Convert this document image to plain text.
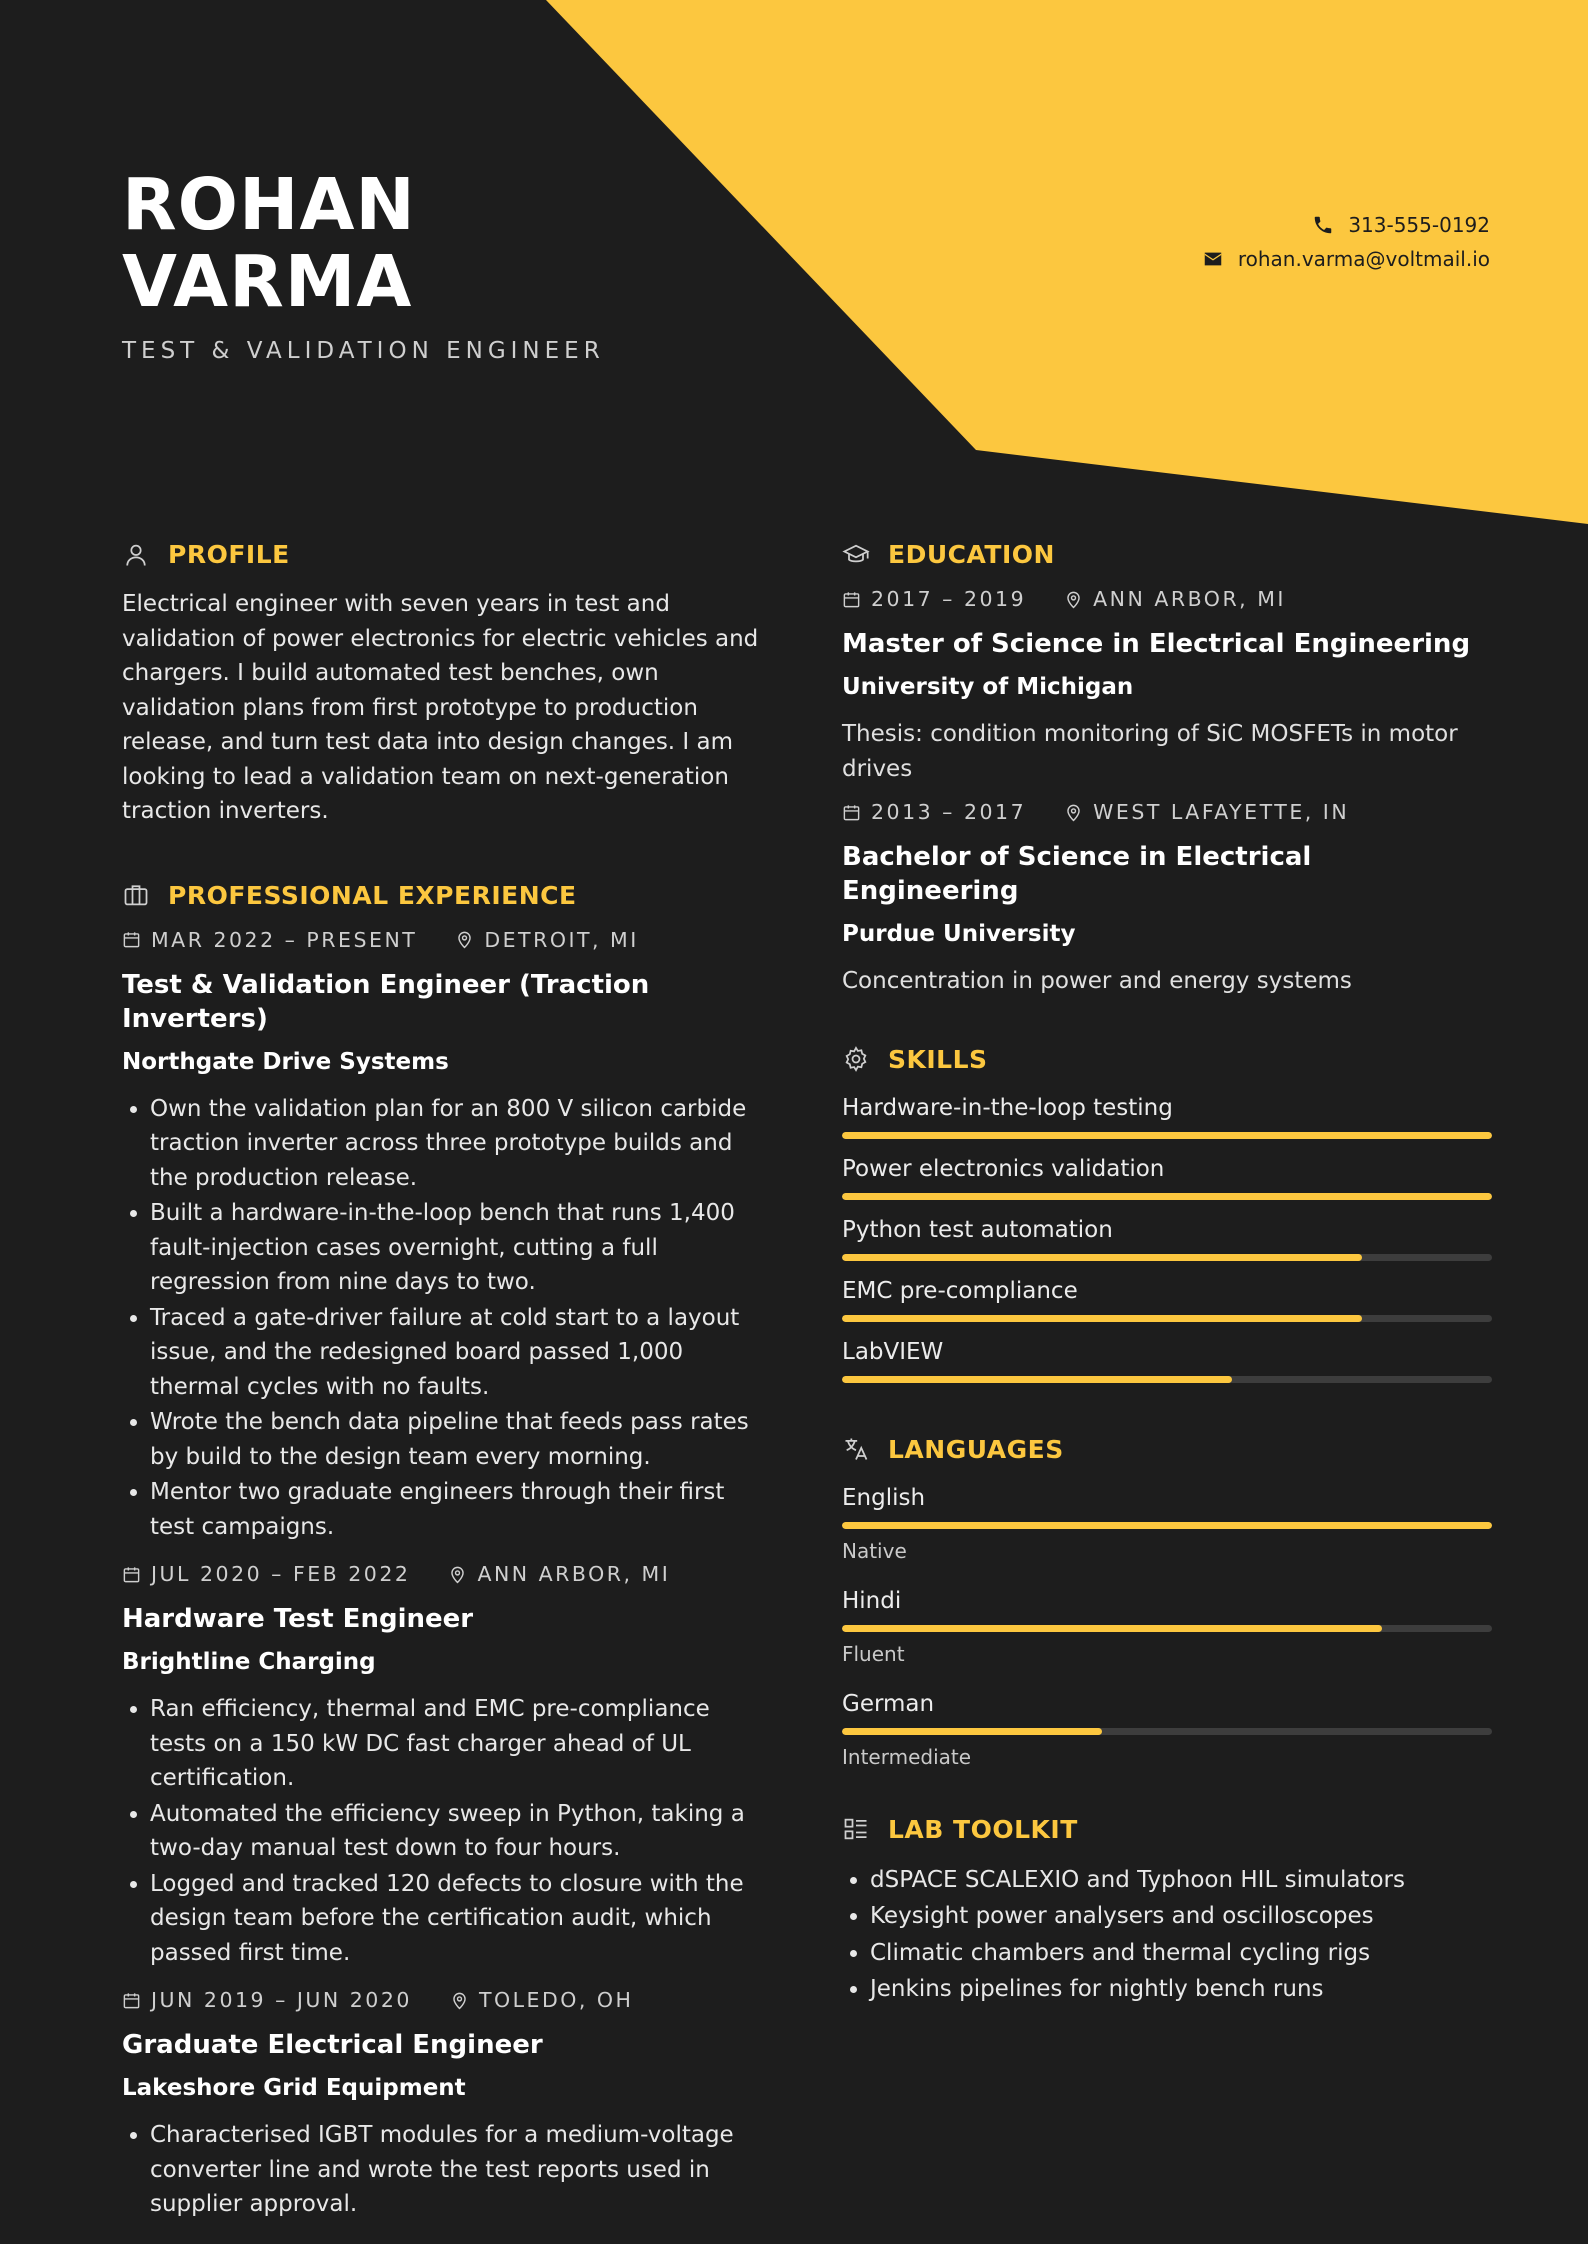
ROHAN
VARMA
TEST & VALIDATION ENGINEER
313-555-0192
rohan.varma@voltmail.io
PROFILE

Electrical engineer with seven years in test and validation of power electronics for electric vehicles and chargers. I build automated test benches, own validation plans from first prototype to production release, and turn test data into design changes. I am looking to lead a validation team on next-generation traction inverters.

PROFESSIONAL EXPERIENCE
MAR 2022 – PRESENT	DETROIT, MI
Test & Validation Engineer (Traction Inverters)
Northgate Drive Systems
• Own the validation plan for an 800 V silicon carbide traction inverter across three prototype builds and the production release.
• Built a hardware-in-the-loop bench that runs 1,400 fault-injection cases overnight, cutting a full regression from nine days to two.
• Traced a gate-driver failure at cold start to a layout issue, and the redesigned board passed 1,000 thermal cycles with no faults.
• Wrote the bench data pipeline that feeds pass rates by build to the design team every morning.
• Mentor two graduate engineers through their first test campaigns.
JUL 2020 – FEB 2022	ANN ARBOR, MI
Hardware Test Engineer
Brightline Charging
• Ran efficiency, thermal and EMC pre-compliance tests on a 150 kW DC fast charger ahead of UL certification.
• Automated the efficiency sweep in Python, taking a two-day manual test down to four hours.
• Logged and tracked 120 defects to closure with the design team before the certification audit, which passed first time.
JUN 2019 – JUN 2020	TOLEDO, OH
Graduate Electrical Engineer
Lakeshore Grid Equipment
• Characterised IGBT modules for a medium-voltage converter line and wrote the test reports used in supplier approval.
EDUCATION
2017 – 2019	ANN ARBOR, MI
Master of Science in Electrical Engineering
University of Michigan

Thesis: condition monitoring of SiC MOSFETs in motor drives

2013 – 2017	WEST LAFAYETTE, IN
Bachelor of Science in Electrical Engineering
Purdue University

Concentration in power and energy systems

SKILLS
Hardware-in-the-loop testing
Power electronics validation
Python test automation
EMC pre-compliance
LabVIEW
LANGUAGES
English
Native
Hindi
Fluent
German
Intermediate
LAB TOOLKIT
• dSPACE SCALEXIO and Typhoon HIL simulators
• Keysight power analysers and oscilloscopes
• Climatic chambers and thermal cycling rigs
• Jenkins pipelines for nightly bench runs
